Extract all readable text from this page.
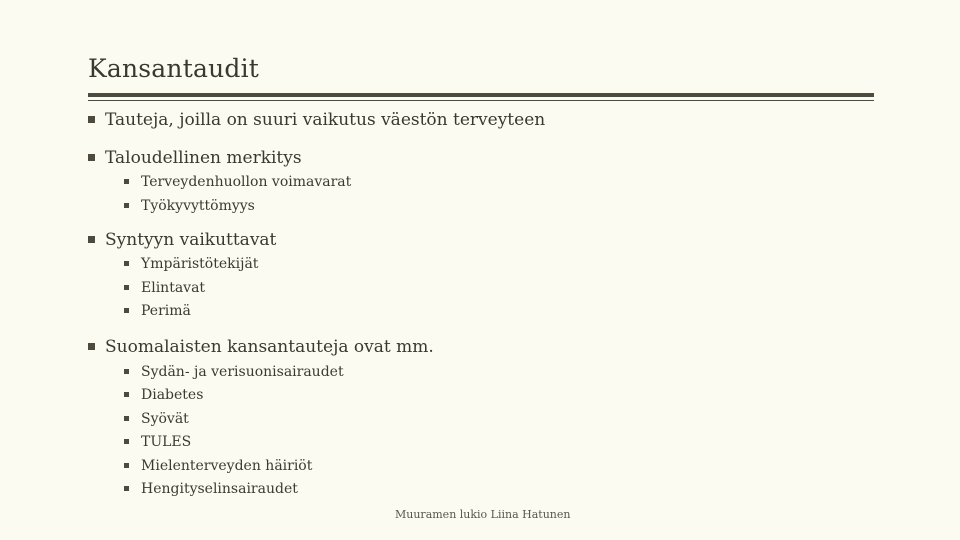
Kansantaudit
Tauteja, joilla on suuri vaikutus väestön terveyteen
Taloudellinen merkitys
Terveydenhuollon voimavarat
Työkyvyttömyys
Syntyyn vaikuttavat
Ympäristötekijät
Elintavat
Perimä
Suomalaisten kansantauteja ovat mm.
Sydän- ja verisuonisairaudet
Diabetes
Syövät
TULES
Mielenterveyden häiriöt
Hengityselinsairaudet
Muuramen lukio Liina Hatunen
